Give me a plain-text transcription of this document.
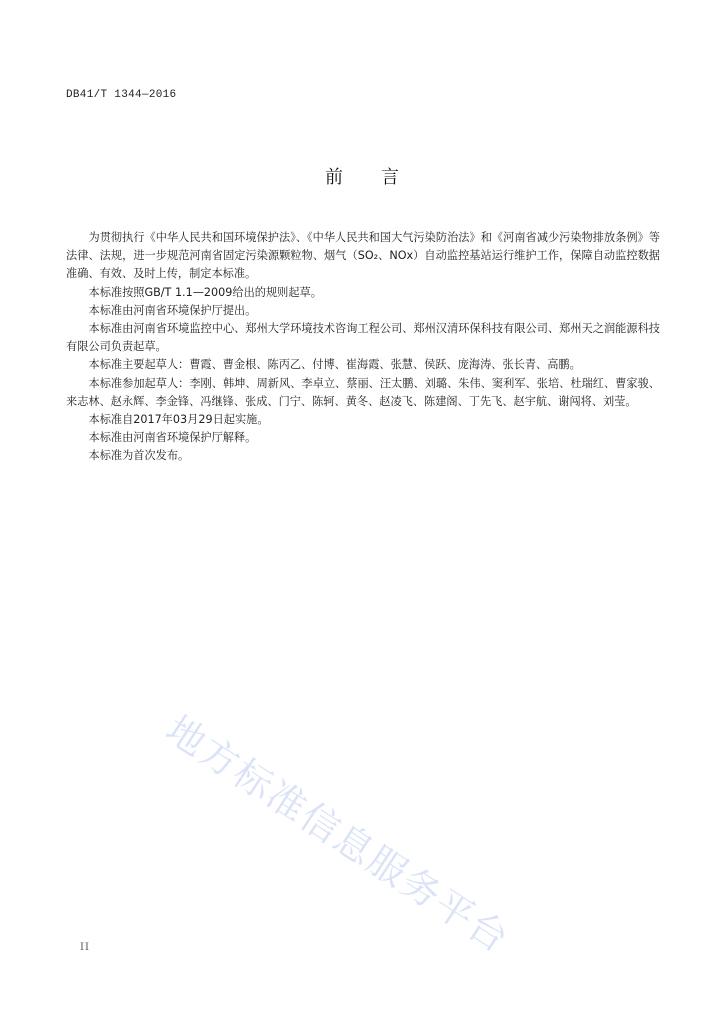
DB41/T 1344—2016
前 言

为贯彻执行《中华人民共和国环境保护法》、《中华人民共和国大气污染防治法》和《河南省减少污染物排放条例》等法律、法规，进一步规范河南省固定污染源颗粒物、烟气（SO₂、NOx）自动监控基站运行维护工作，保障自动监控数据准确、有效、及时上传，制定本标准。

本标准按照GB/T 1.1—2009给出的规则起草。

本标准由河南省环境保护厅提出。

本标准由河南省环境监控中心、郑州大学环境技术咨询工程公司、郑州汉清环保科技有限公司、郑州天之润能源科技有限公司负责起草。

本标准主要起草人：曹霞、曹金根、陈丙乙、付博、崔海霞、张慧、侯跃、庞海涛、张长青、高鹏。

本标准参加起草人：李刚、韩坤、周新风、李卓立、蔡丽、汪太鹏、刘璐、朱伟、窦利军、张培、杜瑞红、曹家骏、来志林、赵永辉、李金锋、冯继锋、张成、门宁、陈轲、黄冬、赵凌飞、陈建阁、丁先飞、赵宇航、谢闯将、刘莹。

本标准自2017年03月29日起实施。

本标准由河南省环境保护厅解释。

本标准为首次发布。

地方标准信息服务平台
II
